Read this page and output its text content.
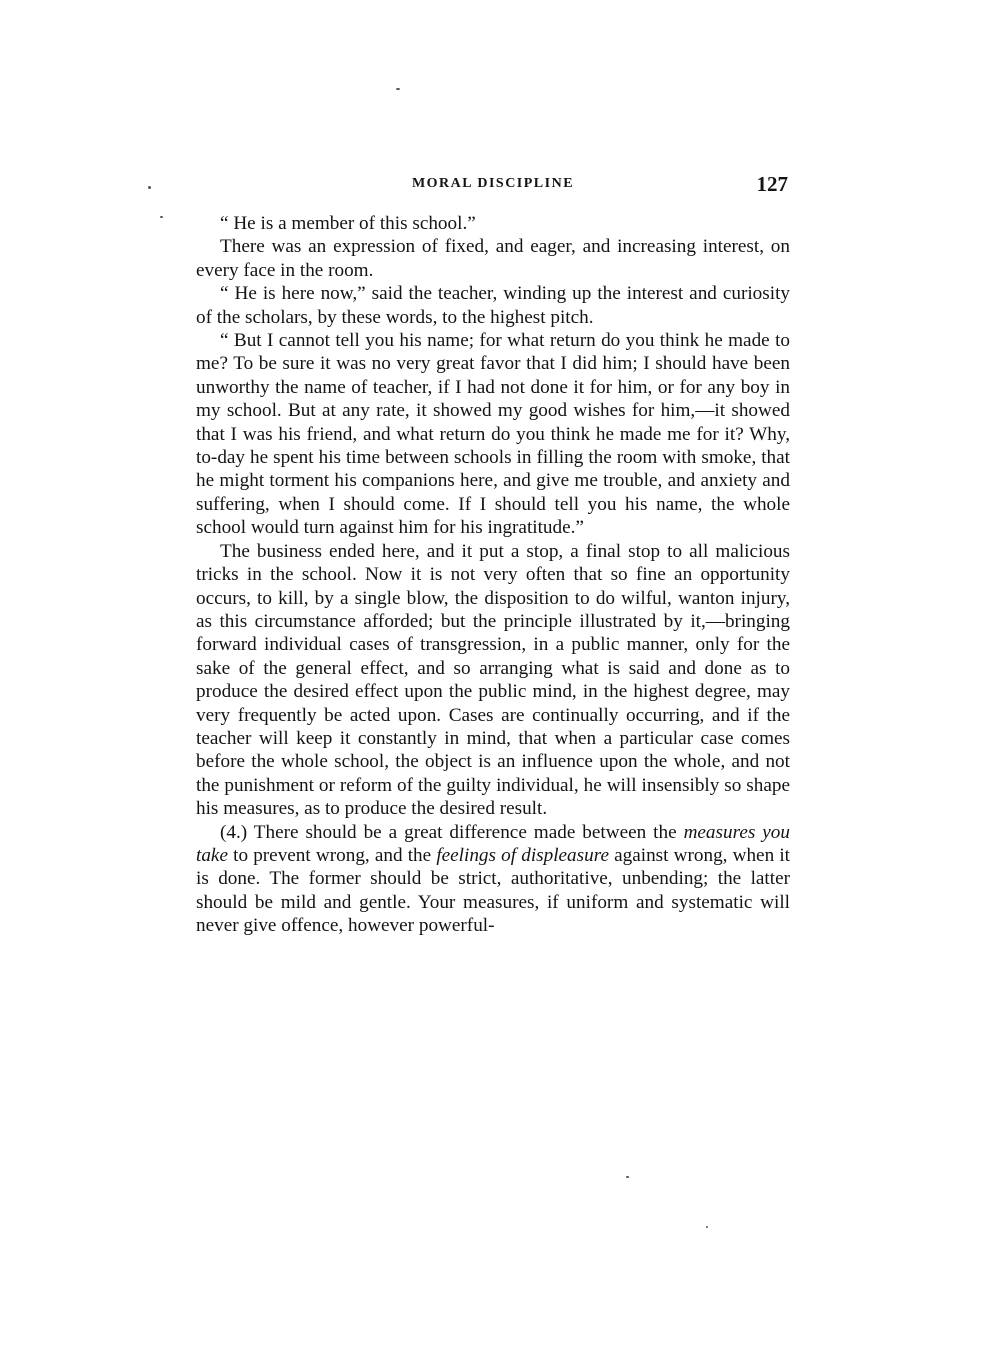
MORAL DISCIPLINE	127

“ He is a member of this school.”

There was an expression of fixed, and eager, and increasing interest, on every face in the room.

“ He is here now,” said the teacher, winding up the interest and curiosity of the scholars, by these words, to the highest pitch.

“ But I cannot tell you his name; for what return do you think he made to me? To be sure it was no very great favor that I did him; I should have been unworthy the name of teacher, if I had not done it for him, or for any boy in my school. But at any rate, it showed my good wishes for him,—it showed that I was his friend, and what return do you think he made me for it? Why, to-day he spent his time between schools in filling the room with smoke, that he might torment his companions here, and give me trouble, and anxiety and suffering, when I should come. If I should tell you his name, the whole school would turn against him for his ingratitude.”

The business ended here, and it put a stop, a final stop to all malicious tricks in the school. Now it is not very often that so fine an opportunity occurs, to kill, by a single blow, the disposition to do wilful, wanton injury, as this circumstance afforded; but the principle illustrated by it,—bringing forward individual cases of transgression, in a public manner, only for the sake of the general effect, and so arranging what is said and done as to produce the desired effect upon the public mind, in the highest degree, may very frequently be acted upon. Cases are continually occurring, and if the teacher will keep it constantly in mind, that when a particular case comes before the whole school, the object is an influence upon the whole, and not the punishment or reform of the guilty individual, he will insensibly so shape his measures, as to produce the desired result.

(4.) There should be a great difference made between the measures you take to prevent wrong, and the feelings of displeasure against wrong, when it is done. The former should be strict, authoritative, unbending; the latter should be mild and gentle. Your measures, if uniform and systematic will never give offence, however powerful-
